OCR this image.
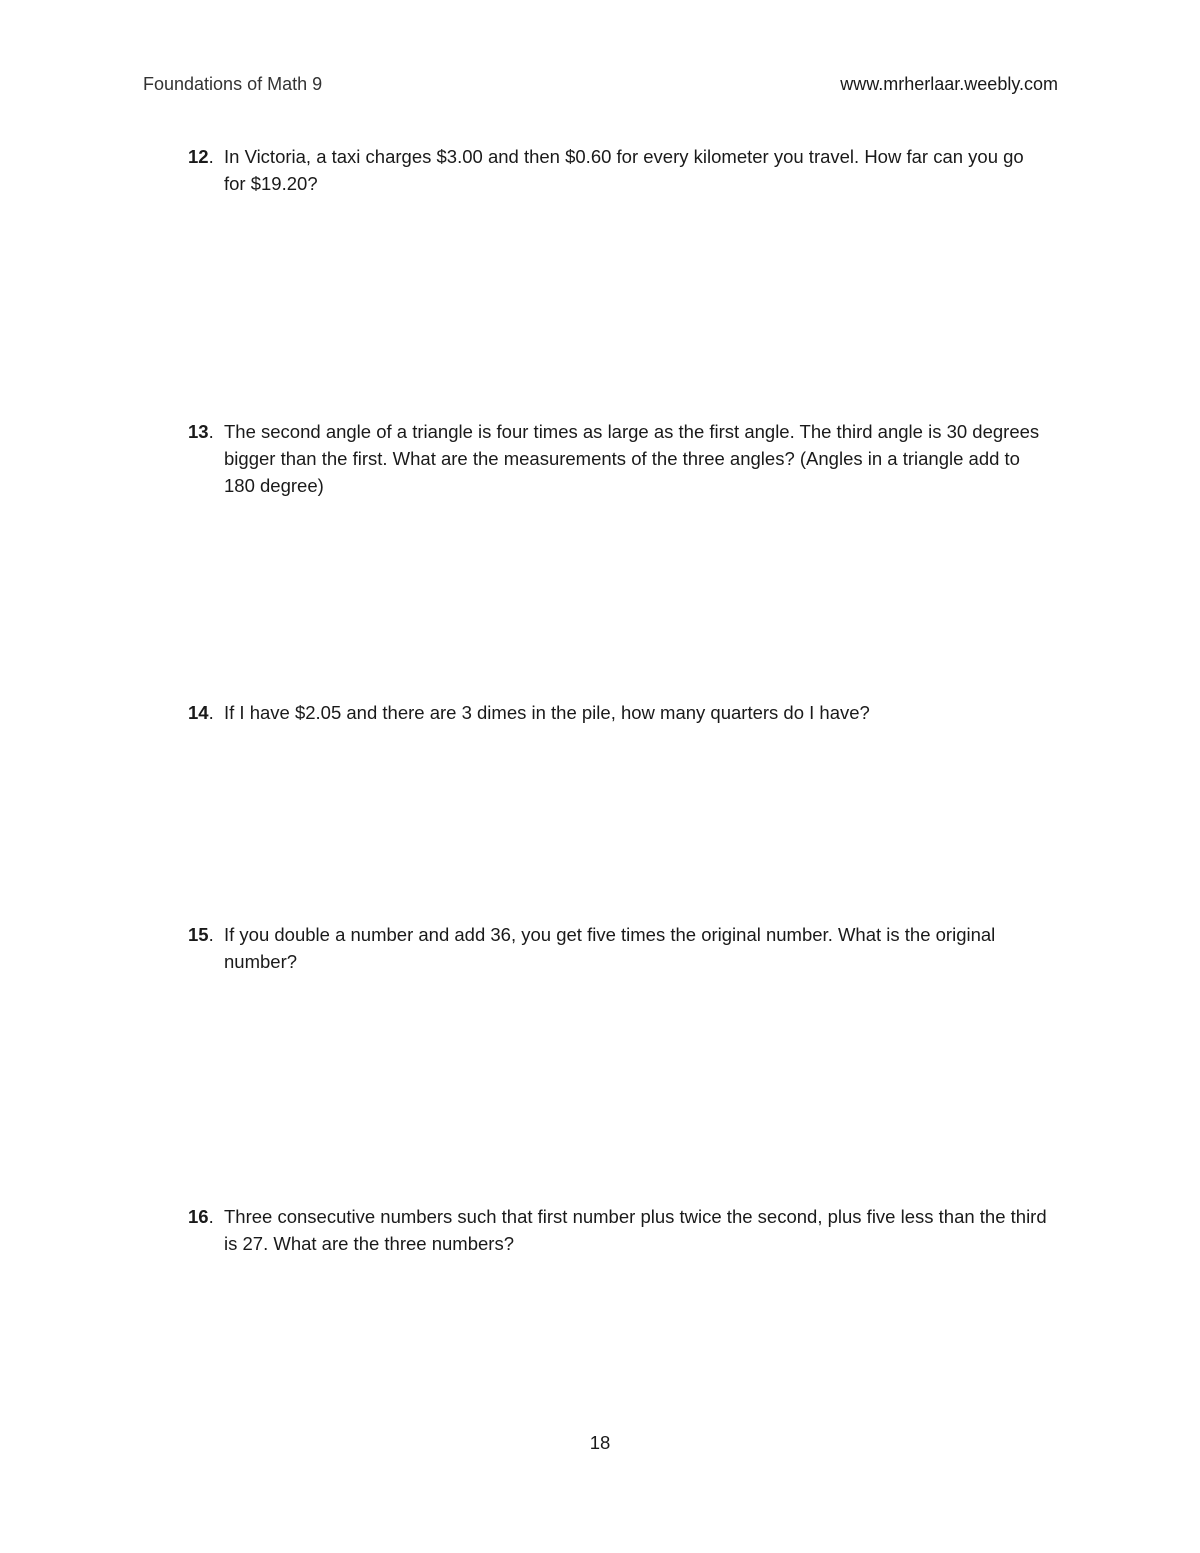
Foundations of Math 9	www.mrherlaar.weebly.com
12. In Victoria, a taxi charges $3.00 and then $0.60 for every kilometer you travel. How far can you go for $19.20?
13. The second angle of a triangle is four times as large as the first angle. The third angle is 30 degrees bigger than the first. What are the measurements of the three angles? (Angles in a triangle add to 180 degree)
14. If I have $2.05 and there are 3 dimes in the pile, how many quarters do I have?
15. If you double a number and add 36, you get five times the original number. What is the original number?
16. Three consecutive numbers such that first number plus twice the second, plus five less than the third is 27. What are the three numbers?
18
